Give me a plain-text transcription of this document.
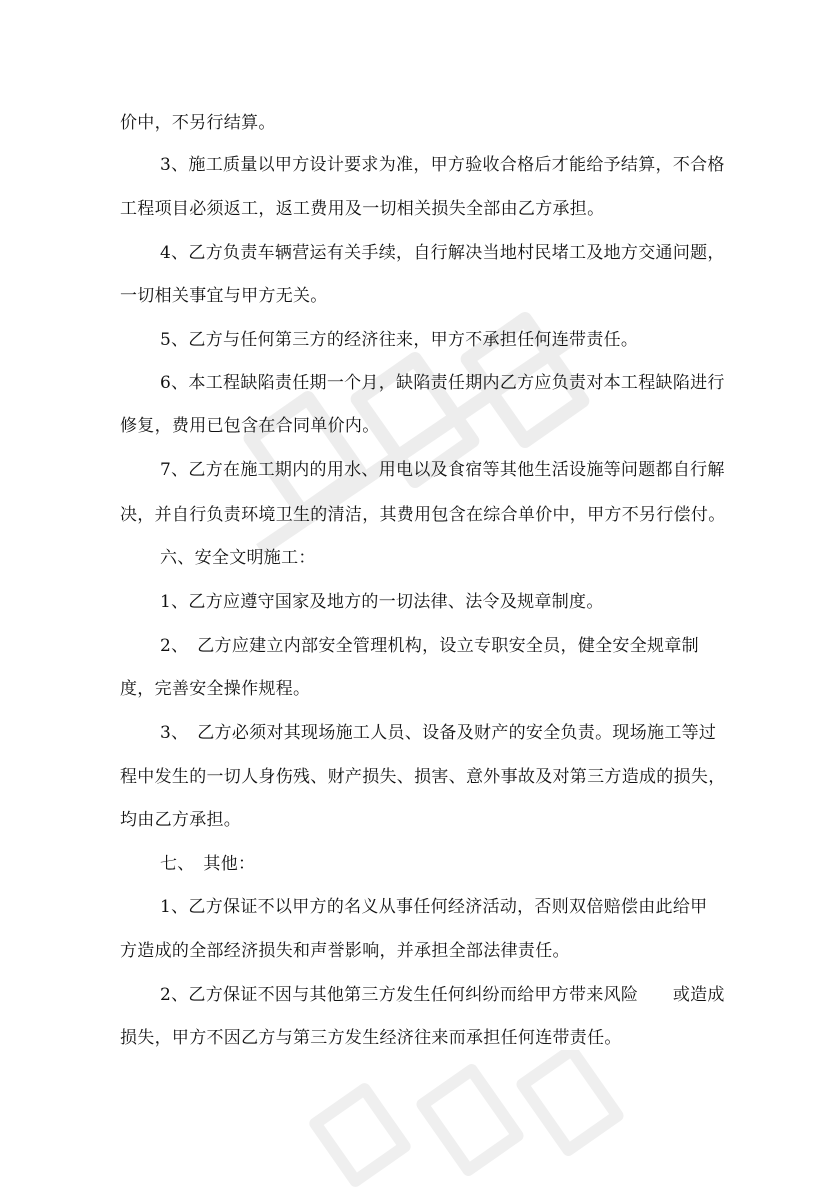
价中，不另行结算。
3、施工质量以甲方设计要求为准，甲方验收合格后才能给予结算，不合格
工程项目必须返工，返工费用及一切相关损失全部由乙方承担。
4、乙方负责车辆营运有关手续，自行解决当地村民堵工及地方交通问题，
一切相关事宜与甲方无关。
5、乙方与任何第三方的经济往来，甲方不承担任何连带责任。
6、本工程缺陷责任期一个月，缺陷责任期内乙方应负责对本工程缺陷进行
修复，费用已包含在合同单价内。
7、乙方在施工期内的用水、用电以及食宿等其他生活设施等问题都自行解
决，并自行负责环境卫生的清洁，其费用包含在综合单价中，甲方不另行偿付。
六、安全文明施工：
1、乙方应遵守国家及地方的一切法律、法令及规章制度。
2、　乙方应建立内部安全管理机构，设立专职安全员，健全安全规章制
度，完善安全操作规程。
3、　乙方必须对其现场施工人员、设备及财产的安全负责。现场施工等过
程中发生的一切人身伤残、财产损失、损害、意外事故及对第三方造成的损失，
均由乙方承担。
七、　其他：
1、乙方保证不以甲方的名义从事任何经济活动，否则双倍赔偿由此给甲
方造成的全部经济损失和声誉影响，并承担全部法律责任。
2、乙方保证不因与其他第三方发生任何纠纷而给甲方带来风险　　或造成
损失，甲方不因乙方与第三方发生经济往来而承担任何连带责任。
